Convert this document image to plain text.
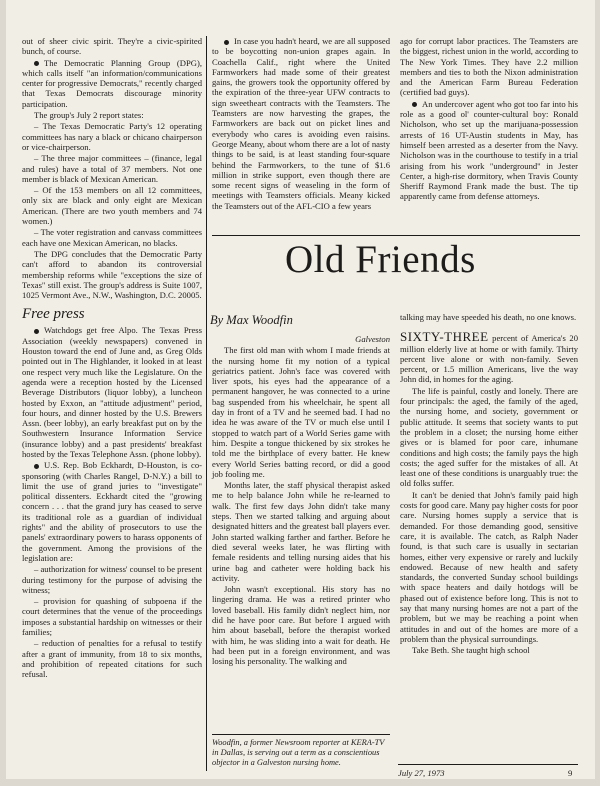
out of sheer civic spirit. They're a civic-spirited bunch, of course.

The Democratic Planning Group (DPG), which calls itself "an information/communications center for progressive Democrats," recently charged that Texas Democrats discourage minority participation.

The group's July 2 report states:

– The Texas Democratic Party's 12 operating committees has nary a black or chicano chairperson or vice-chairperson.

– The three major committees – (finance, legal and rules) have a total of 37 members. Not one member is black of Mexican American.

– Of the 153 members on all 12 committees, only six are black and only eight are Mexican American. (There are two youth members and 74 women.)

– The voter registration and canvass committees each have one Mexican American, no blacks.

The DPG concludes that the Democratic Party can't afford to abandon its controversial membership reforms while "exceptions the size of Texas" still exist. The group's address is Suite 1007, 1025 Vermont Ave., N.W., Washington, D.C. 20005.

Free press

Watchdogs get free Alpo. The Texas Press Association (weekly newspapers) convened in Houston toward the end of June and, as Greg Olds pointed out in The Highlander, it looked in at least one respect very much like the Legislature. On the agenda were a reception hosted by the Licensed Beverage Distributors (liquor lobby), a luncheon hosted by Exxon, an "attitude adjustment" period, four hours, and dinner hosted by the U.S. Brewers Assn. (beer lobby), an early breakfast put on by the Southwestern Insurance Information Service (insurance lobby) and a past presidents' breakfast hosted by the Texas Telephone Assn. (phone lobby).

U.S. Rep. Bob Eckhardt, D-Houston, is co-sponsoring (with Charles Rangel, D-N.Y.) a bill to limit the use of grand juries to "investigate" political dissenters. Eckhardt cited the "growing concern . . . that the grand jury has ceased to serve its traditional role as a guardian of individual rights" and the ability of prosecutors to use the panels' extraordinary powers to harass opponents of the government. Among the provisions of the legislation are:

– authorization for witness' counsel to be present during testimony for the purpose of advising the witness;

– provision for quashing of subpoena if the court determines that the venue of the proceedings imposes a substantial hardship on witnesses or their families;

– reduction of penalties for a refusal to testify after a grant of immunity, from 18 to six months, and prohibition of repeated citations for such refusal.

In case you hadn't heard, we are all supposed to be boycotting non-union grapes again. In Coachella Calif., right where the United Farmworkers had made some of their greatest gains, the growers took the opportunity offered by the expiration of the three-year UFW contracts to sign sweetheart contracts with the Teamsters. The Teamsters are now harvesting the grapes, the Farmworkers are back out on picket lines and everybody who cares is avoiding even raisins. George Meany, about whom there are a lot of nasty things to be said, is at least standing four-square behind the Farmworkers, to the tune of $1.6 million in strike support, even though there are some recent signs of weaseling in the form of meetings with Teamsters officials. Meany kicked the Teamsters out of the AFL-CIO a few years

ago for corrupt labor practices. The Teamsters are the biggest, richest union in the world, according to The New York Times. They have 2.2 million members and ties to both the Nixon administration and the American Farm Bureau Federation (certified bad guys).

An undercover agent who got too far into his role as a good ol' counter-cultural boy: Ronald Nicholson, who set up the marijuana-possession arrests of 16 UT-Austin students in May, has himself been arrested as a deserter from the Navy. Nicholson was in the courthouse to testify in a trial arising from his work "underground" in Jester Center, a high-rise dormitory, when Travis County Sheriff Raymond Frank made the bust. The tip apparently came from defense attorneys.

Old Friends
By Max Woodfin

Galveston

The first old man with whom I made friends at the nursing home fit my notion of a typical geriatrics patient. John's face was covered with liver spots, his eyes had the appearance of a permanent hangover, he was connected to a urine bag suspended from his wheelchair, he spent all day in front of a TV and he seemed bad. I had no idea he was aware of the TV or much else until I stopped to watch part of a World Series game with him. Despite a tongue thickened by six strokes he told me the birthplace of every batter. He knew every World Series batting record, or did a good job fooling me.

Months later, the staff physical therapist asked me to help balance John while he re-learned to walk. The first few days John didn't take many steps. Then we started talking and arguing about designated hitters and the greatest ball players ever. John started walking farther and farther. Before he died several weeks later, he was flirting with female residents and telling nursing aides that his urine bag and catheter were holding back his activity.

John wasn't exceptional. His story has no lingering drama. He was a retired printer who loved baseball. His family didn't neglect him, nor did he have poor care. But before I argued with him about baseball, before the therapist worked with him, he was sliding into a wait for death. He had been put in a foreign environment, and was losing his personality. The walking and

talking may have speeded his death, no one knows.

SIXTY-THREE percent of America's 20 million elderly live at home or with family. Thirty percent live alone or with non-family. Seven percent, or 1.5 million Americans, live the way John did, in homes for the aging.

The life is painful, costly and lonely. There are four principals: the aged, the family of the aged, the nursing home, and society, government or public attitude. It seems that society wants to put the problem in a closet; the nursing home either gives or is blamed for poor care, inhumane conditions and high costs; the family pays the high costs; the aged suffer for the mistakes of all. At least one of these conditions is unarguably true: the old folks suffer.

It can't be denied that John's family paid high costs for good care. Many pay higher costs for poor care. Nursing homes supply a service that is demanded. For those demanding good, sensitive care, it is available. The catch, as Ralph Nader found, is that such care is usually in sectarian homes, either very expensive or rarely and luckily endowed. Because of new health and safety standards, the converted Sunday school buildings with space heaters and daily hotdogs will be phased out of existence before long. This is not to say that many nursing homes are not a part of the problem, but we may be reaching a point when attitudes in and out of the homes are more of a problem than the physical surroundings.

Take Beth. She taught high school

Woodfin, a former Newsroom reporter at KERA-TV in Dallas, is serving out a term as a conscientious objector in a Galveston nursing home.
July 27, 1973	9
